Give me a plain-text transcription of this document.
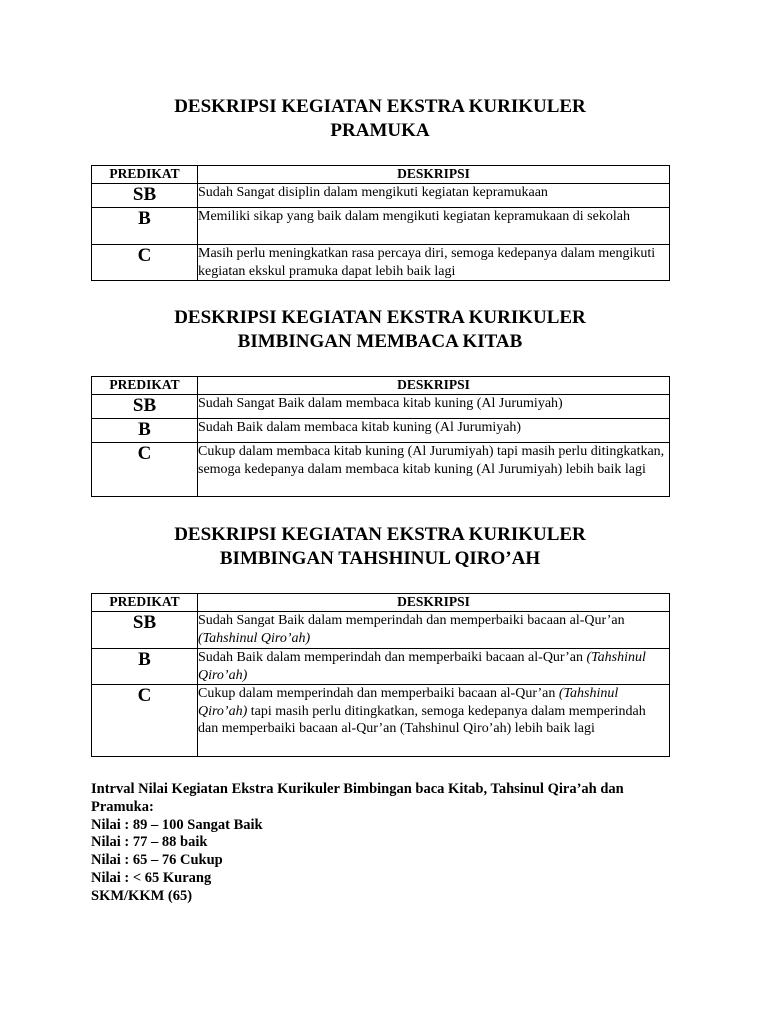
DESKRIPSI KEGIATAN EKSTRA KURIKULER
PRAMUKA
PREDIKAT	DESKRIPSI
SB	Sudah Sangat disiplin dalam mengikuti kegiatan kepramukaan
B	Memiliki sikap yang baik dalam mengikuti kegiatan kepramukaan di sekolah
C	Masih perlu meningkatkan rasa percaya diri, semoga kedepanya dalam mengikuti kegiatan ekskul pramuka dapat lebih baik lagi
DESKRIPSI KEGIATAN EKSTRA KURIKULER
BIMBINGAN MEMBACA KITAB
PREDIKAT	DESKRIPSI
SB	Sudah Sangat Baik dalam membaca kitab kuning (Al Jurumiyah)
B	Sudah Baik dalam membaca kitab kuning (Al Jurumiyah)
C	Cukup dalam membaca kitab kuning (Al Jurumiyah) tapi masih perlu ditingkatkan, semoga kedepanya dalam membaca kitab kuning (Al Jurumiyah) lebih baik lagi
DESKRIPSI KEGIATAN EKSTRA KURIKULER
BIMBINGAN TAHSHINUL QIRO’AH
PREDIKAT	DESKRIPSI
SB	Sudah Sangat Baik dalam memperindah dan memperbaiki bacaan al-Qur’an (Tahshinul Qiro’ah)
B	Sudah Baik dalam memperindah dan memperbaiki bacaan al-Qur’an (Tahshinul Qiro’ah)
C	Cukup dalam memperindah dan memperbaiki bacaan al-Qur’an (Tahshinul Qiro’ah) tapi masih perlu ditingkatkan, semoga kedepanya dalam memperindah dan memperbaiki bacaan al-Qur’an (Tahshinul Qiro’ah) lebih baik lagi
Intrval Nilai Kegiatan Ekstra Kurikuler Bimbingan baca Kitab, Tahsinul Qira’ah dan Pramuka:
Nilai : 89 – 100 Sangat Baik
Nilai : 77 – 88 baik
Nilai : 65 – 76 Cukup
Nilai : < 65 Kurang
SKM/KKM (65)
